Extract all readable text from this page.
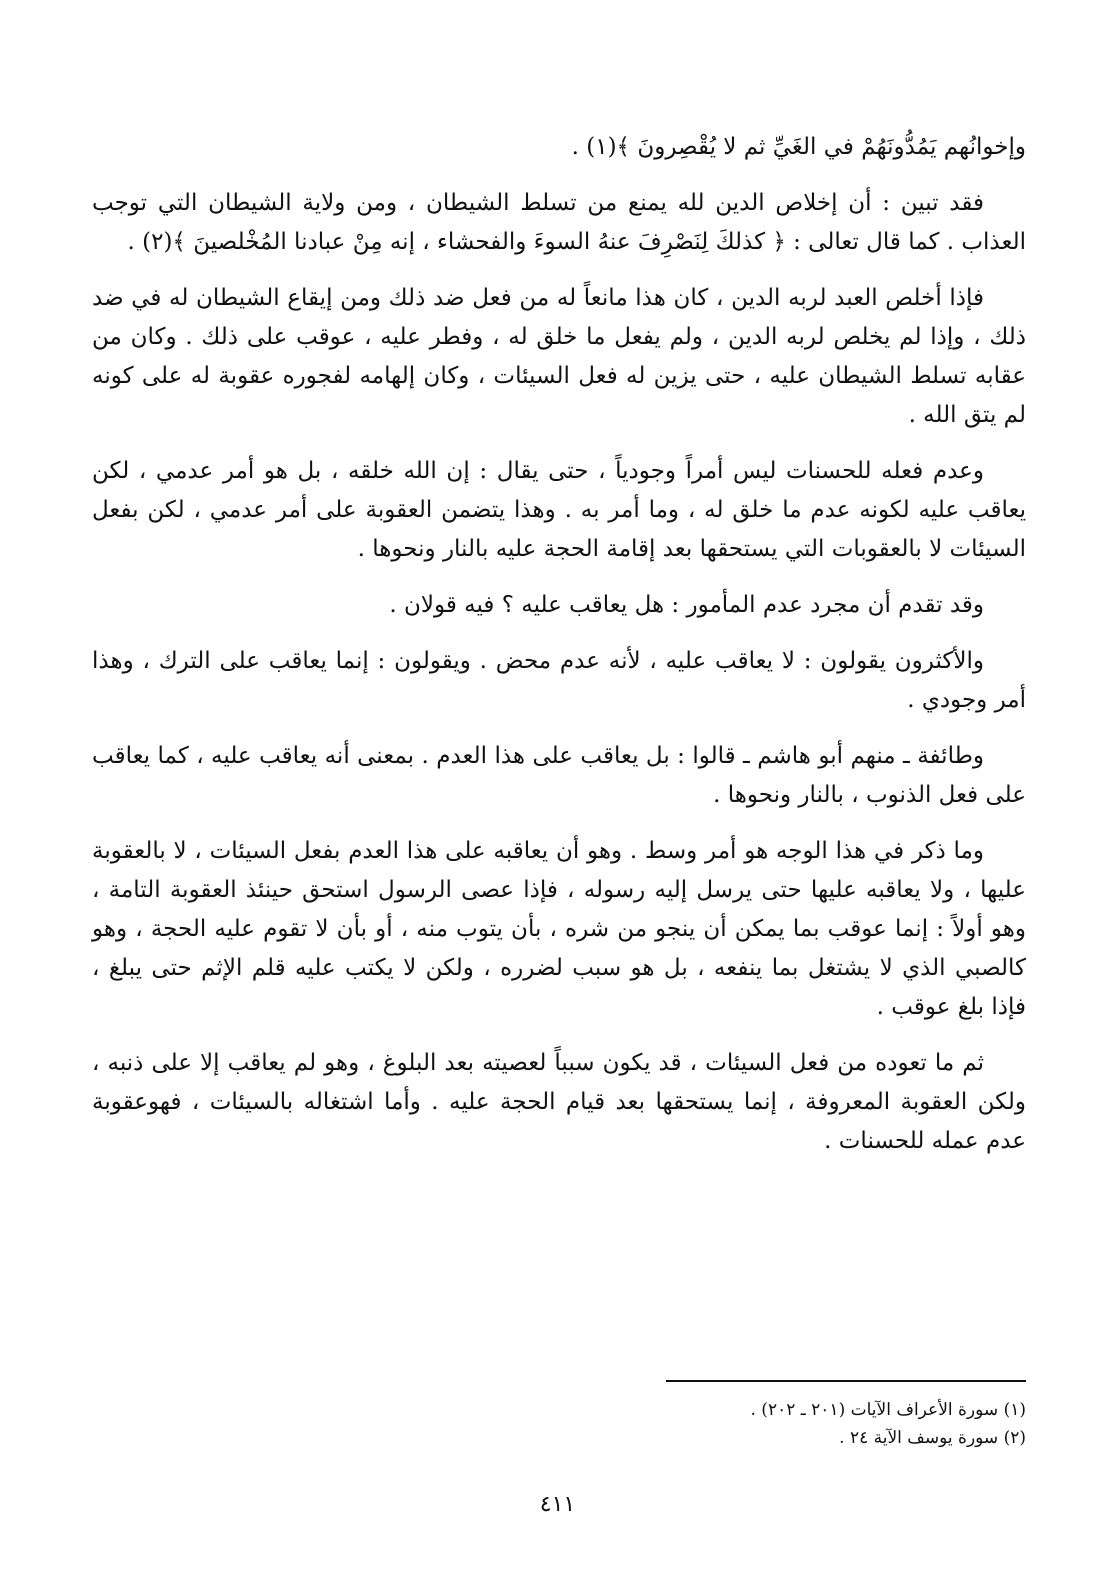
وإخوانُهم يَمُدُّونَهُمْ في الغَيِّ ثم لا يُقْصِرونَ ﴾(١) .

فقد تبين : أن إخلاص الدين لله يمنع من تسلط الشيطان ، ومن ولاية الشيطان التي توجب العذاب . كما قال تعالى : ﴿ كذلكَ لِنَصْرِفَ عنهُ السوءَ والفحشاء ، إنه مِنْ عبادنا المُخْلصينَ ﴾(٢) .

فإذا أخلص العبد لربه الدين ، كان هذا مانعاً له من فعل ضد ذلك ومن إيقاع الشيطان له في ضد ذلك ، وإذا لم يخلص لربه الدين ، ولم يفعل ما خلق له ، وفطر عليه ، عوقب على ذلك . وكان من عقابه تسلط الشيطان عليه ، حتى يزين له فعل السيئات ، وكان إلهامه لفجوره عقوبة له على كونه لم يتق الله .

وعدم فعله للحسنات ليس أمراً وجودياً ، حتى يقال : إن الله خلقه ، بل هو أمر عدمي ، لكن يعاقب عليه لكونه عدم ما خلق له ، وما أمر به . وهذا يتضمن العقوبة على أمر عدمي ، لكن بفعل السيئات لا بالعقوبات التي يستحقها بعد إقامة الحجة عليه بالنار ونحوها .

وقد تقدم أن مجرد عدم المأمور : هل يعاقب عليه ؟ فيه قولان .

والأكثرون يقولون : لا يعاقب عليه ، لأنه عدم محض . ويقولون : إنما يعاقب على الترك ، وهذا أمر وجودي .

وطائفة ـ منهم أبو هاشم ـ قالوا : بل يعاقب على هذا العدم . بمعنى أنه يعاقب عليه ، كما يعاقب على فعل الذنوب ، بالنار ونحوها .

وما ذكر في هذا الوجه هو أمر وسط . وهو أن يعاقبه على هذا العدم بفعل السيئات ، لا بالعقوبة عليها ، ولا يعاقبه عليها حتى يرسل إليه رسوله ، فإذا عصى الرسول استحق حينئذ العقوبة التامة ، وهو أولاً : إنما عوقب بما يمكن أن ينجو من شره ، بأن يتوب منه ، أو بأن لا تقوم عليه الحجة ، وهو كالصبي الذي لا يشتغل بما ينفعه ، بل هو سبب لضرره ، ولكن لا يكتب عليه قلم الإثم حتى يبلغ ، فإذا بلغ عوقب .

ثم ما تعوده من فعل السيئات ، قد يكون سبباً لعصيته بعد البلوغ ، وهو لم يعاقب إلا على ذنبه ، ولكن العقوبة المعروفة ، إنما يستحقها بعد قيام الحجة عليه . وأما اشتغاله بالسيئات ، فهوعقوبة عدم عمله للحسنات .

(١) سورة الأعراف الآيات (٢٠١ ـ ٢٠٢) .

(٢) سورة يوسف الآية ٢٤ .

٤١١
